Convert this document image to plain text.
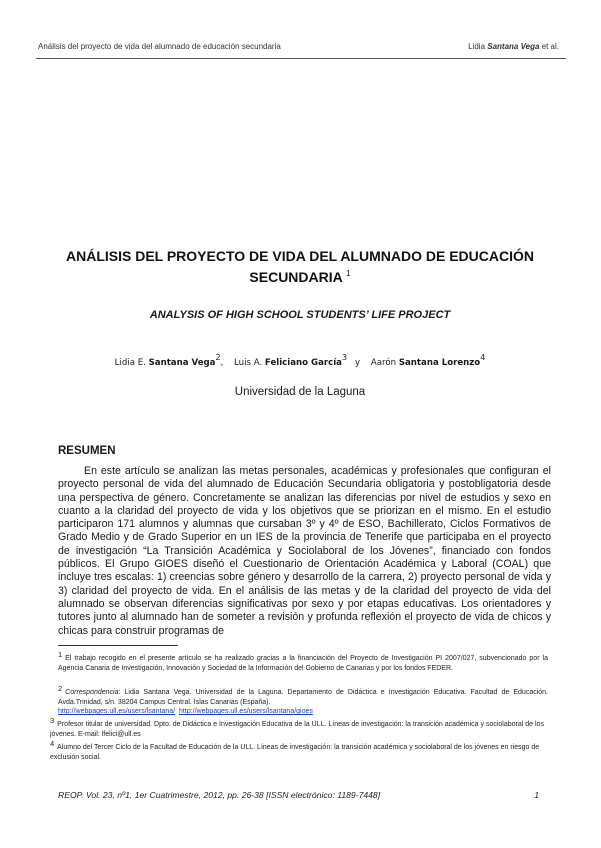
Análisis del proyecto de vida del alumnado de educación secundaria	Lidia Santana Vega et al.
ANÁLISIS DEL PROYECTO DE VIDA DEL ALUMNADO DE EDUCACIÓN
SECUNDARIA $^1$
ANALYSIS OF HIGH SCHOOL STUDENTS’ LIFE PROJECT
Lidia E. Santana Vega$^2$, Luis A. Feliciano García$^3$y Aarón Santana Lorenzo$^4$
Universidad de la Laguna
RESUMEN

En este artículo se analizan las metas personales, académicas y profesionales que configuran el proyecto personal de vida del alumnado de Educación Secundaria obligatoria y postobligatoria desde una perspectiva de género. Concretamente se analizan las diferencias por nivel de estudios y sexo en cuanto a la claridad del proyecto de vida y los objetivos que se priorizan en el mismo. En el estudio participaron 171 alumnos y alumnas que cursaban 3º y 4º de ESO, Bachillerato, Ciclos Formativos de Grado Medio y de Grado Superior en un IES de la provincia de Tenerife que participaba en el proyecto de investigación “La Transición Académica y Sociolaboral de los Jóvenes”, financiado con fondos públicos. El Grupo GIOES diseñó el Cuestionario de Orientación Académica y Laboral (COAL) que incluye tres escalas: 1) creencias sobre género y desarrollo de la carrera, 2) proyecto personal de vida y 3) claridad del proyecto de vida. En el análisis de las metas y de la claridad del proyecto de vida del alumnado se observan diferencias significativas por sexo y por etapas educativas. Los orientadores y tutores junto al alumnado han de someter a revisión y profunda reflexión el proyecto de vida de chicos y chicas para construir programas de

$^1$ El trabajo recogido en el presente artículo se ha realizado gracias a la financiación del Proyecto de Investigación PI 2007/027, subvencionado por la Agencia Canaria de Investigación, Innovación y Sociedad de la Información del Gobierno de Canarias y por los fondos FEDER.
$^2$ Correspondencia: Lidia Santana Vega. Universidad de la Laguna. Departamento de Didáctica e Investigación Educativa. Facultad de Educación. Avda.Trinidad, s/n. 38204 Campus Central. Islas Canarias (España).
http://webpages.ull.es/users/lsantana/ http://webpages.ull.es/users/lsantana/gioes
$^3$ Profesor titular de universidad. Dpto. de Didáctica e Investigación Educativa de la ULL. Líneas de investigación: la transición académica y sociolaboral de los jóvenes. E-mail: lfelici@ull.es
$^4$ Alumno del Tercer Ciclo de la Facultad de Educación de la ULL. Líneas de investigación: la transición académica y sociolaboral de los jóvenes en riesgo de exclusión social.
REOP. Vol. 23, nº1, 1er Cuatrimestre, 2012, pp. 26-38 [ISSN electrónico: 1189-7448]	1
